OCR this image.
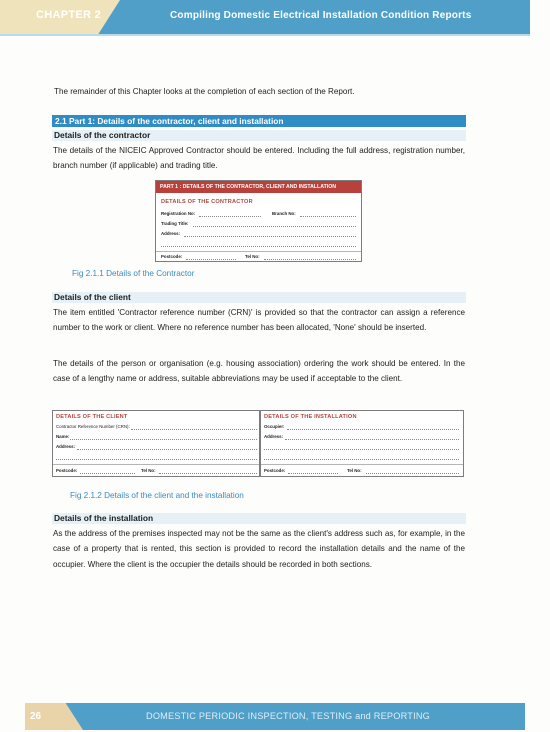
CHAPTER 2	Compiling Domestic Electrical Installation Condition Reports
The remainder of this Chapter looks at the completion of each section of the Report.
2.1 Part 1: Details of the contractor, client and installation
Details of the contractor
The details of the NICEIC Approved Contractor should be entered. Including the full address, registration number, branch number (if applicable) and trading title.
PART 1 : DETAILS OF THE CONTRACTOR, CLIENT AND INSTALLATION
DETAILS OF THE CONTRACTOR
Registration No:	Branch No:
Trading Title:
Address:
Postcode:	Tel No:
Fig 2.1.1 Details of the Contractor
Details of the client
The item entitled 'Contractor reference number (CRN)' is provided so that the contractor can assign a reference number to the work or client. Where no reference number has been allocated, 'None' should be inserted.
The details of the person or organisation (e.g. housing association) ordering the work should be entered. In the case of a lengthy name or address, suitable abbreviations may be used if acceptable to the client.
DETAILS OF THE CLIENT
Contractor Reference Number (CRN):
Name:
Address:
Postcode:	Tel No:
DETAILS OF THE INSTALLATION
Occupier:
Address:
Postcode:	Tel No:
Fig 2.1.2 Details of the client and the installation
Details of the installation
As the address of the premises inspected may not be the same as the client's address such as, for example, in the case of a property that is rented, this section is provided to record the installation details and the name of the occupier. Where the client is the occupier the details should be recorded in both sections.
26	DOMESTIC PERIODIC INSPECTION, TESTING and REPORTING
